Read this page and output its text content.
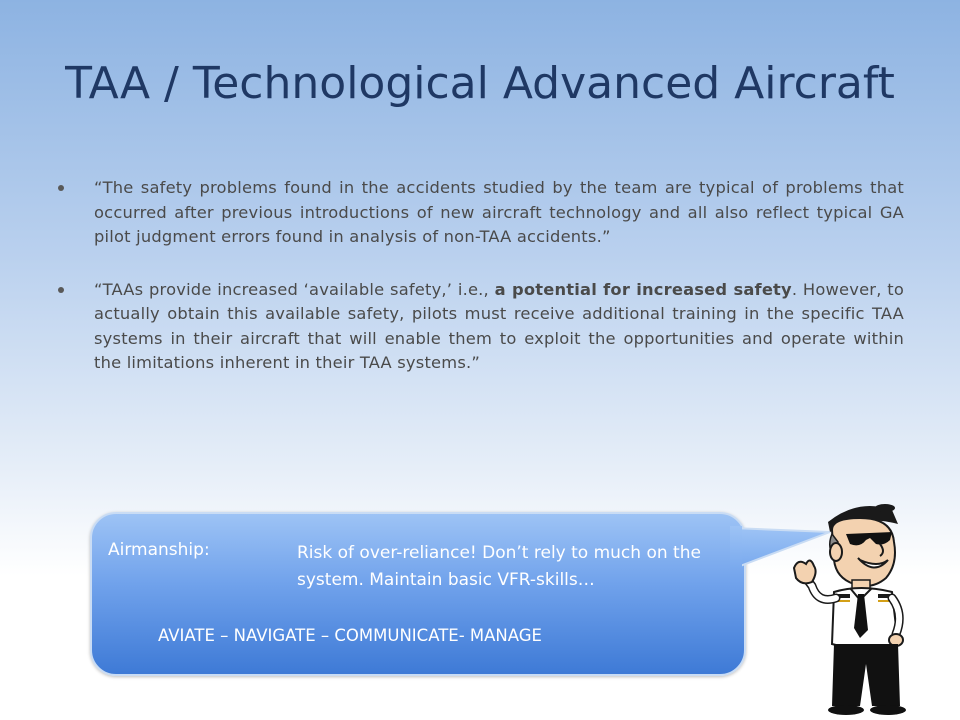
TAA / Technological Advanced Aircraft
“The safety problems found in the accidents studied by the team are typical of problems that occurred after previous introductions of new aircraft technology and all also reflect typical GA pilot judgment errors found in analysis of non-TAA accidents.”
“TAAs provide increased ‘available safety,’ i.e., a potential for increased safety. However, to actually obtain this available safety, pilots must receive additional training in the specific TAA systems in their aircraft that will enable them to exploit the opportunities and operate within the limitations inherent in their TAA systems.”
Airmanship:	Risk of over-reliance! Don’t rely to much on the system. Maintain basic VFR-skills…
AVIATE – NAVIGATE – COMMUNICATE- MANAGE
